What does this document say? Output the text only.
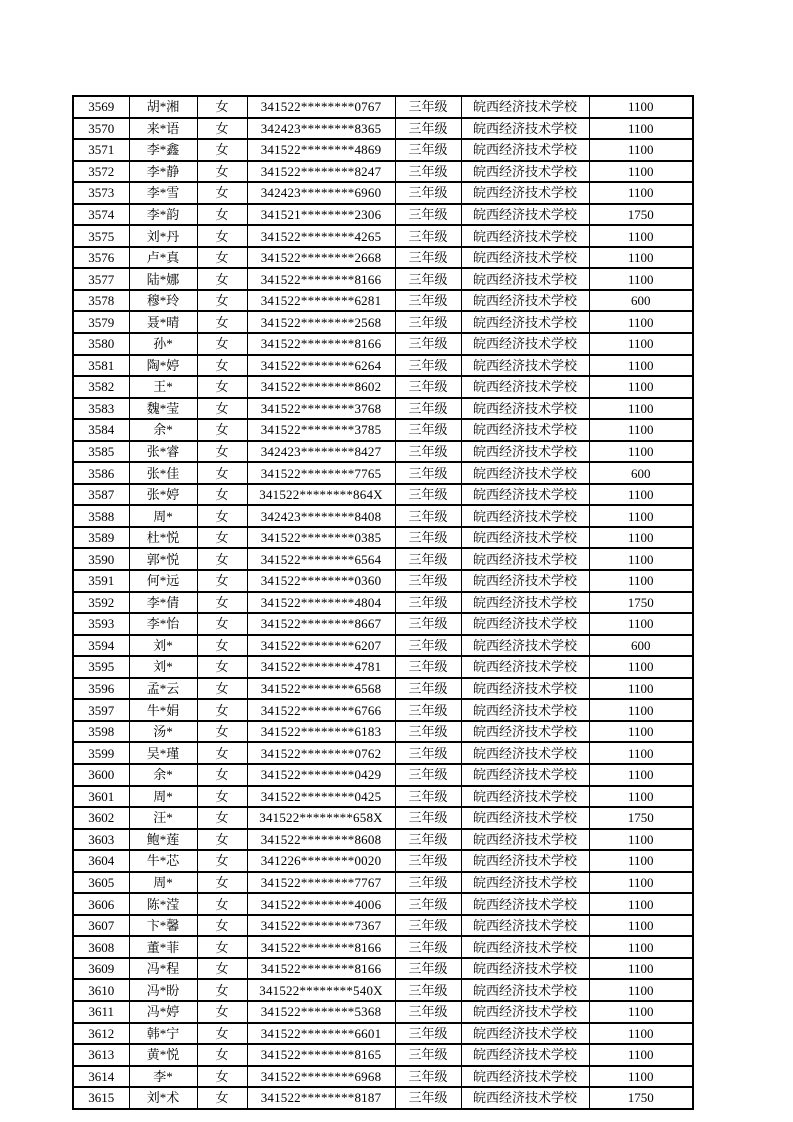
3569	胡*湘	女	341522********0767	三年级	皖西经济技术学校	1100
3570	来*语	女	342423********8365	三年级	皖西经济技术学校	1100
3571	李*鑫	女	341522********4869	三年级	皖西经济技术学校	1100
3572	李*静	女	341522********8247	三年级	皖西经济技术学校	1100
3573	李*雪	女	342423********6960	三年级	皖西经济技术学校	1100
3574	李*韵	女	341521********2306	三年级	皖西经济技术学校	1750
3575	刘*丹	女	341522********4265	三年级	皖西经济技术学校	1100
3576	卢*真	女	341522********2668	三年级	皖西经济技术学校	1100
3577	陆*娜	女	341522********8166	三年级	皖西经济技术学校	1100
3578	穆*玲	女	341522********6281	三年级	皖西经济技术学校	600
3579	聂*晴	女	341522********2568	三年级	皖西经济技术学校	1100
3580	孙*	女	341522********8166	三年级	皖西经济技术学校	1100
3581	陶*婷	女	341522********6264	三年级	皖西经济技术学校	1100
3582	王*	女	341522********8602	三年级	皖西经济技术学校	1100
3583	魏*莹	女	341522********3768	三年级	皖西经济技术学校	1100
3584	余*	女	341522********3785	三年级	皖西经济技术学校	1100
3585	张*睿	女	342423********8427	三年级	皖西经济技术学校	1100
3586	张*佳	女	341522********7765	三年级	皖西经济技术学校	600
3587	张*婷	女	341522********864X	三年级	皖西经济技术学校	1100
3588	周*	女	342423********8408	三年级	皖西经济技术学校	1100
3589	杜*悦	女	341522********0385	三年级	皖西经济技术学校	1100
3590	郭*悦	女	341522********6564	三年级	皖西经济技术学校	1100
3591	何*远	女	341522********0360	三年级	皖西经济技术学校	1100
3592	李*倩	女	341522********4804	三年级	皖西经济技术学校	1750
3593	李*怡	女	341522********8667	三年级	皖西经济技术学校	1100
3594	刘*	女	341522********6207	三年级	皖西经济技术学校	600
3595	刘*	女	341522********4781	三年级	皖西经济技术学校	1100
3596	孟*云	女	341522********6568	三年级	皖西经济技术学校	1100
3597	牛*娟	女	341522********6766	三年级	皖西经济技术学校	1100
3598	汤*	女	341522********6183	三年级	皖西经济技术学校	1100
3599	吴*瑾	女	341522********0762	三年级	皖西经济技术学校	1100
3600	余*	女	341522********0429	三年级	皖西经济技术学校	1100
3601	周*	女	341522********0425	三年级	皖西经济技术学校	1100
3602	汪*	女	341522********658X	三年级	皖西经济技术学校	1750
3603	鲍*莲	女	341522********8608	三年级	皖西经济技术学校	1100
3604	牛*芯	女	341226********0020	三年级	皖西经济技术学校	1100
3605	周*	女	341522********7767	三年级	皖西经济技术学校	1100
3606	陈*滢	女	341522********4006	三年级	皖西经济技术学校	1100
3607	卞*馨	女	341522********7367	三年级	皖西经济技术学校	1100
3608	董*菲	女	341522********8166	三年级	皖西经济技术学校	1100
3609	冯*程	女	341522********8166	三年级	皖西经济技术学校	1100
3610	冯*盼	女	341522********540X	三年级	皖西经济技术学校	1100
3611	冯*婷	女	341522********5368	三年级	皖西经济技术学校	1100
3612	韩*宁	女	341522********6601	三年级	皖西经济技术学校	1100
3613	黄*悦	女	341522********8165	三年级	皖西经济技术学校	1100
3614	李*	女	341522********6968	三年级	皖西经济技术学校	1100
3615	刘*术	女	341522********8187	三年级	皖西经济技术学校	1750
